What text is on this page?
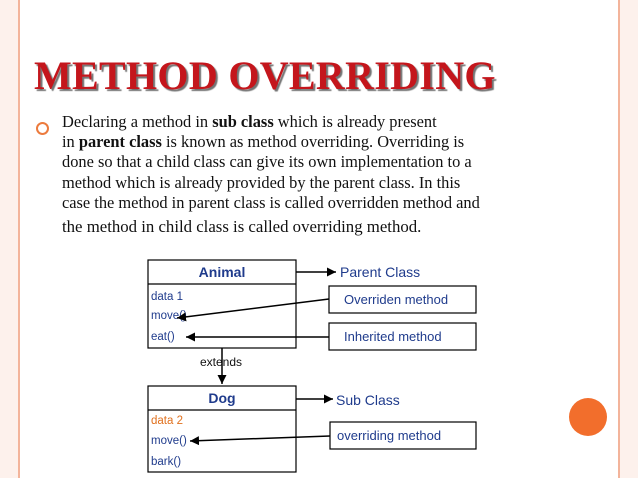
METHOD OVERRIDING
Declaring a method in sub class which is already present
in parent class is known as method overriding. Overriding is
done so that a child class can give its own implementation to a
method which is already provided by the parent class. In this
case the method in parent class is called overridden method and
the method in child class is called overriding method.
Animal
data 1
move()
eat()
extends
Dog
data 2
move()
bark()
Parent Class
Overriden method
Inherited method
Sub Class
overriding method
